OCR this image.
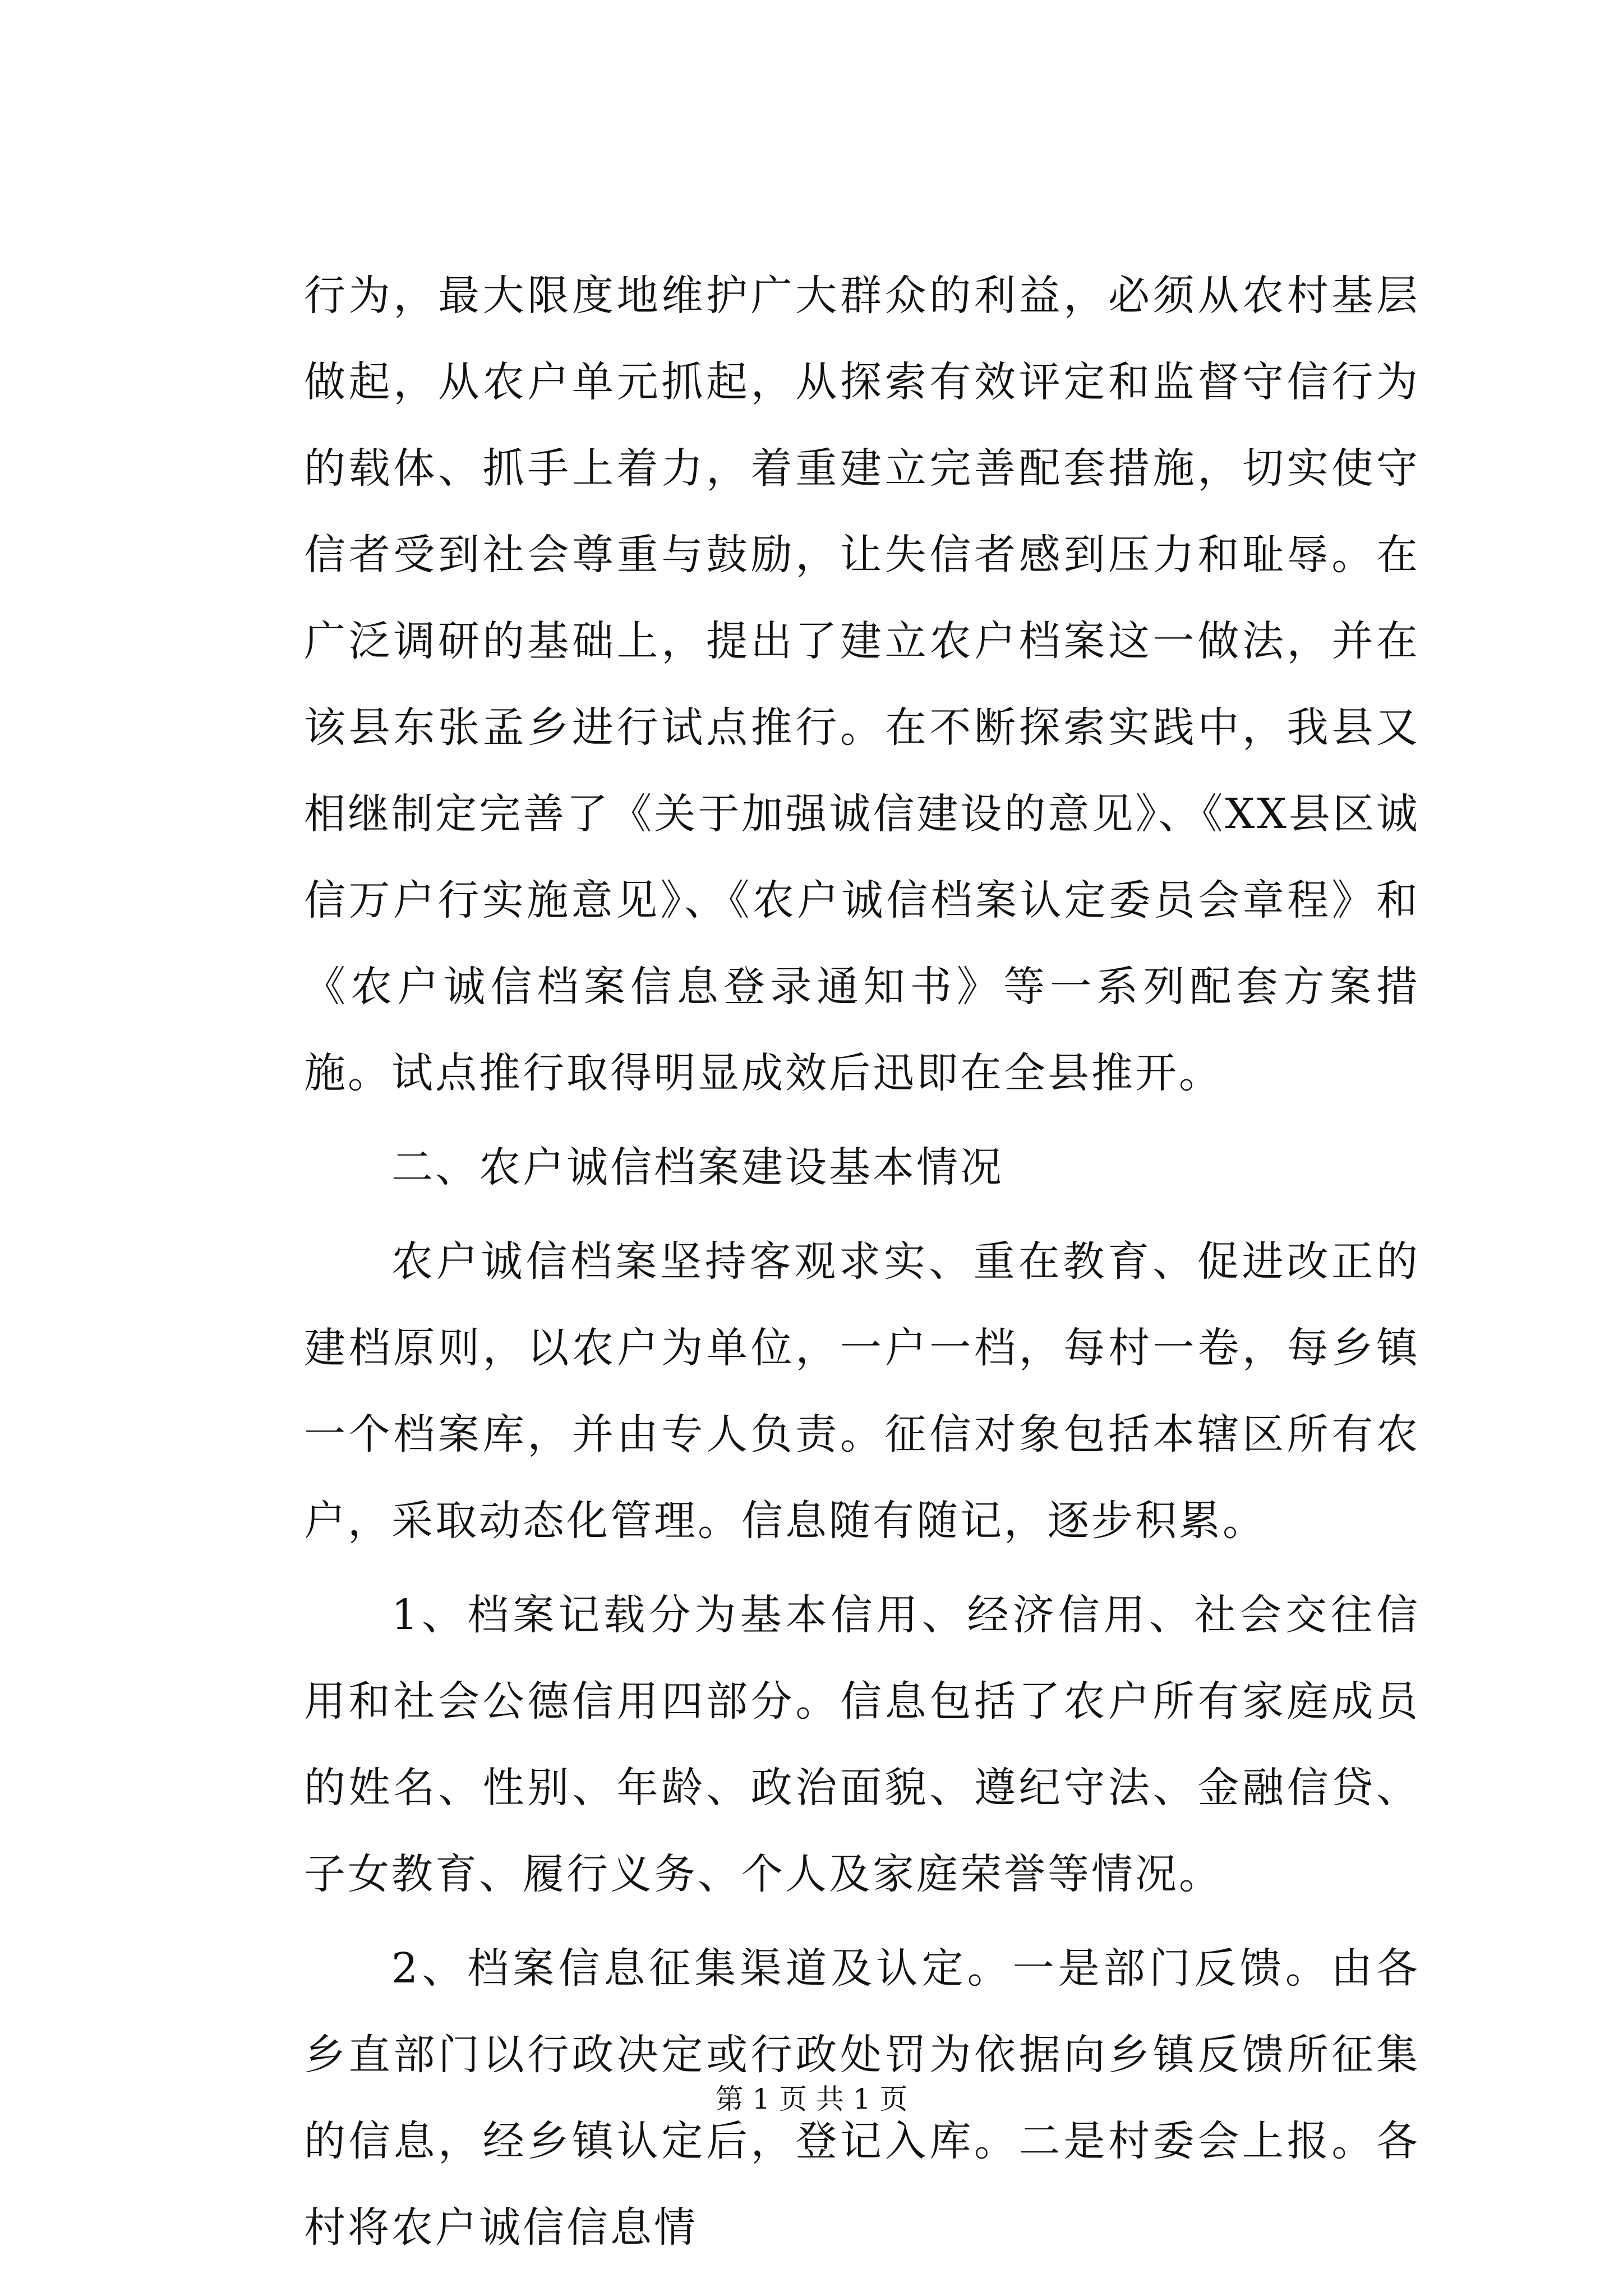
行为，最大限度地维护广大群众的利益，必须从农村基层做起，从农户单元抓起，从探索有效评定和监督守信行为的载体、抓手上着力，着重建立完善配套措施，切实使守信者受到社会尊重与鼓励，让失信者感到压力和耻辱。在广泛调研的基础上，提出了建立农户档案这一做法，并在该县东张孟乡进行试点推行。在不断探索实践中，我县又相继制定完善了《关于加强诚信建设的意见》、《XX县区诚信万户行实施意见》、《农户诚信档案认定委员会章程》和《农户诚信档案信息登录通知书》等一系列配套方案措施。试点推行取得明显成效后迅即在全县推开。

二、农户诚信档案建设基本情况

农户诚信档案坚持客观求实、重在教育、促进改正的建档原则，以农户为单位，一户一档，每村一卷，每乡镇一个档案库，并由专人负责。征信对象包括本辖区所有农户，采取动态化管理。信息随有随记，逐步积累。

1、档案记载分为基本信用、经济信用、社会交往信用和社会公德信用四部分。信息包括了农户所有家庭成员的姓名、性别、年龄、政治面貌、遵纪守法、金融信贷、子女教育、履行义务、个人及家庭荣誉等情况。

2、档案信息征集渠道及认定。一是部门反馈。由各乡直部门以行政决定或行政处罚为依据向乡镇反馈所征集的信息，经乡镇认定后，登记入库。二是村委会上报。各村将农户诚信信息情

第 1 页 共 1 页
